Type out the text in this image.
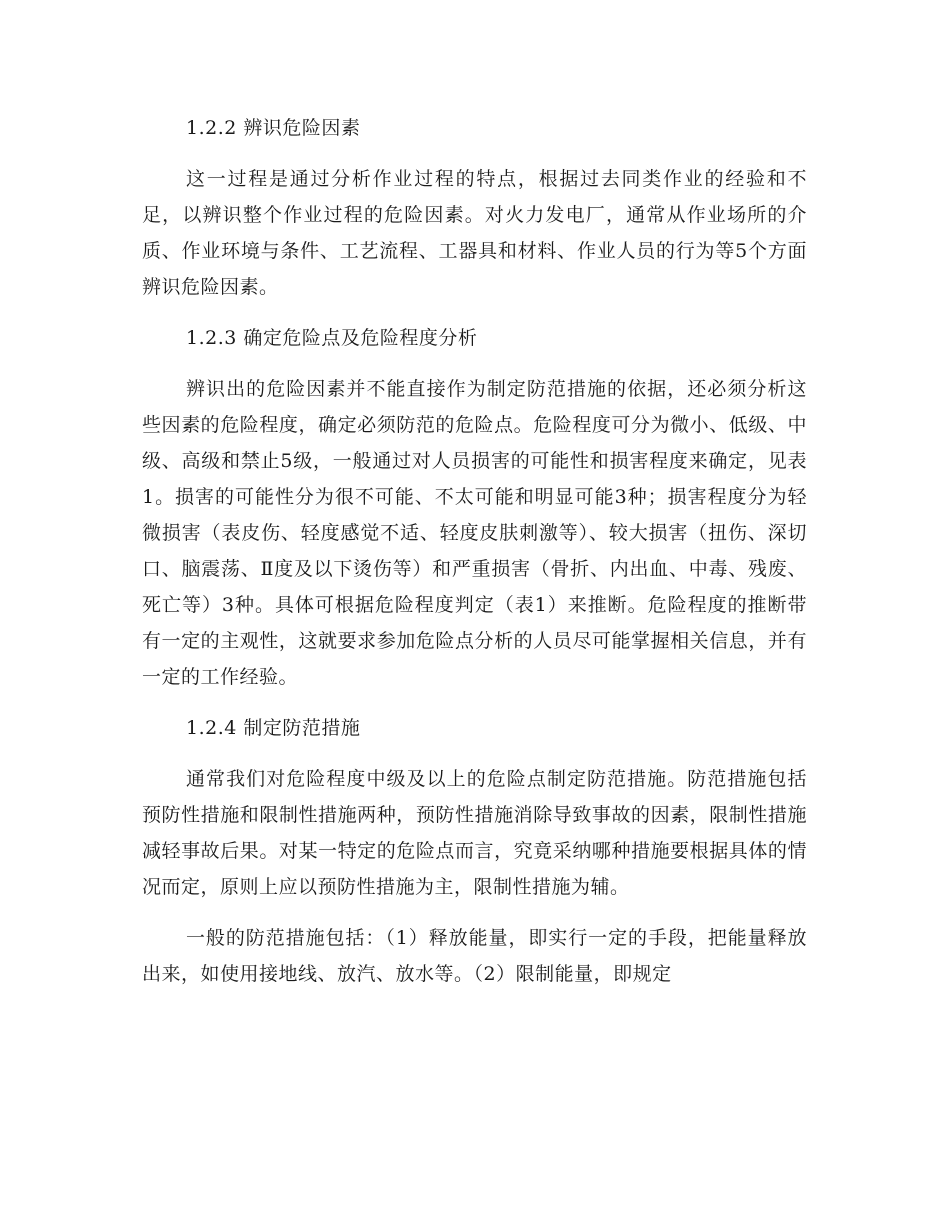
1.2.2 辨识危险因素
这一过程是通过分析作业过程的特点，根据过去同类作业的经验和不足，以辨识整个作业过程的危险因素。对火力发电厂，通常从作业场所的介质、作业环境与条件、工艺流程、工器具和材料、作业人员的行为等5个方面辨识危险因素。
1.2.3 确定危险点及危险程度分析
辨识出的危险因素并不能直接作为制定防范措施的依据，还必须分析这些因素的危险程度，确定必须防范的危险点。危险程度可分为微小、低级、中级、高级和禁止5级，一般通过对人员损害的可能性和损害程度来确定，见表1。损害的可能性分为很不可能、不太可能和明显可能3种；损害程度分为轻微损害（表皮伤、轻度感觉不适、轻度皮肤刺激等）、较大损害（扭伤、深切口、脑震荡、Ⅱ度及以下烫伤等）和严重损害（骨折、内出血、中毒、残废、死亡等）3种。具体可根据危险程度判定（表1）来推断。危险程度的推断带有一定的主观性，这就要求参加危险点分析的人员尽可能掌握相关信息，并有一定的工作经验。
1.2.4 制定防范措施
通常我们对危险程度中级及以上的危险点制定防范措施。防范措施包括预防性措施和限制性措施两种，预防性措施消除导致事故的因素，限制性措施减轻事故后果。对某一特定的危险点而言，究竟采纳哪种措施要根据具体的情况而定，原则上应以预防性措施为主，限制性措施为辅。
一般的防范措施包括：（1）释放能量，即实行一定的手段，把能量释放出来，如使用接地线、放汽、放水等。（2）限制能量，即规定
